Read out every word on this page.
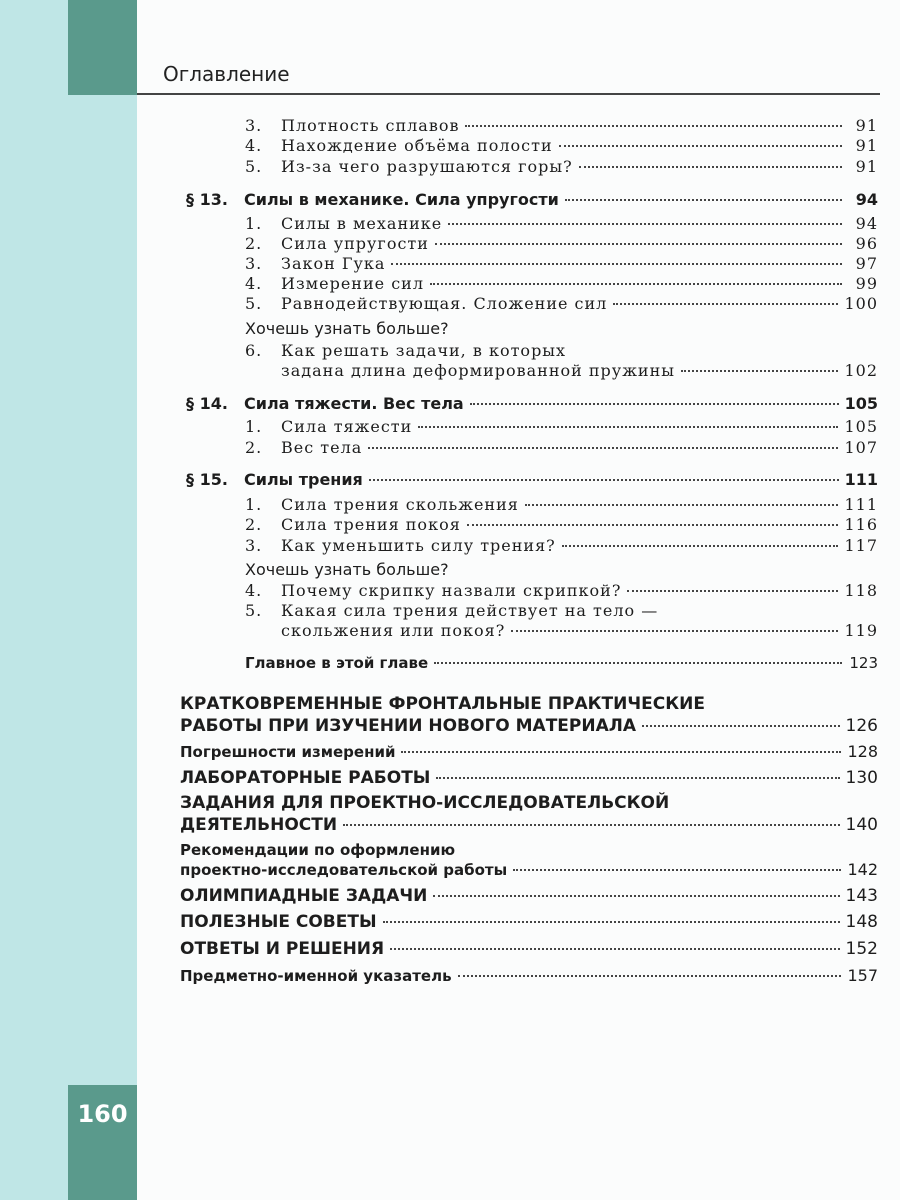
160
Оглавление
3. Плотность сплавов	91
4. Нахождение объёма полости	91
5. Из-за чего разрушаются горы?	91
§ 13. Силы в механике. Сила упругости	94
1. Силы в механике	94
2. Сила упругости	96
3. Закон Гука	97
4. Измерение сил	99
5. Равнодействующая. Сложение сил	100
Хочешь узнать больше?
6. Как решать задачи, в которых
задана длина деформированной пружины	102
§ 14. Сила тяжести. Вес тела	105
1. Сила тяжести	105
2. Вес тела	107
§ 15. Силы трения	111
1. Сила трения скольжения	111
2. Сила трения покоя	116
3. Как уменьшить силу трения?	117
Хочешь узнать больше?
4. Почему скрипку назвали скрипкой?	118
5. Какая сила трения действует на тело —
скольжения или покоя?	119
Главное в этой главе	123
КРАТКОВРЕМЕННЫЕ ФРОНТАЛЬНЫЕ ПРАКТИЧЕСКИЕ
РАБОТЫ ПРИ ИЗУЧЕНИИ НОВОГО МАТЕРИАЛА	126
Погрешности измерений	128
ЛАБОРАТОРНЫЕ РАБОТЫ	130
ЗАДАНИЯ ДЛЯ ПРОЕКТНО-ИССЛЕДОВАТЕЛЬСКОЙ
ДЕЯТЕЛЬНОСТИ	140
Рекомендации по оформлению
проектно-исследовательской работы	142
ОЛИМПИАДНЫЕ ЗАДАЧИ	143
ПОЛЕЗНЫЕ СОВЕТЫ	148
ОТВЕТЫ И РЕШЕНИЯ	152
Предметно-именной указатель	157
